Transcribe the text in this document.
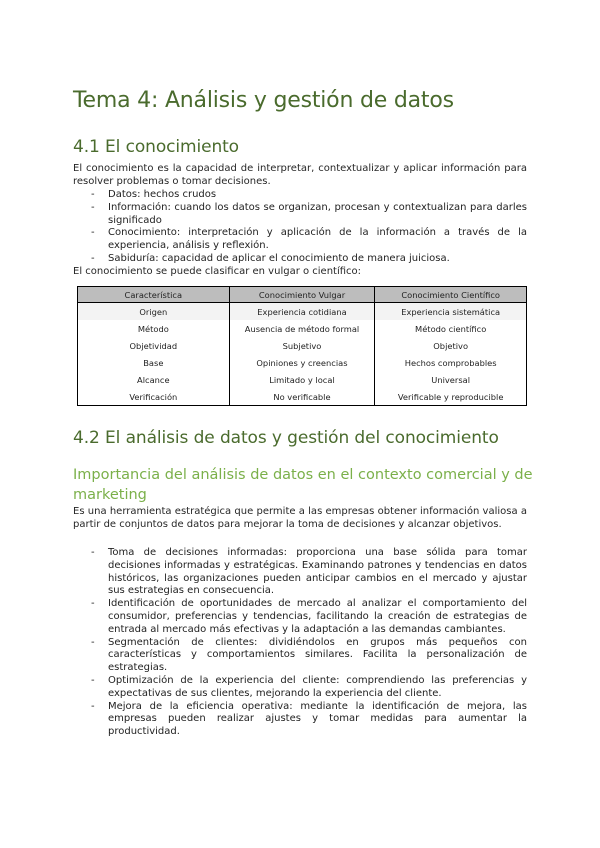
Tema 4: Análisis y gestión de datos
4.1 El conocimiento

El conocimiento es la capacidad de interpretar, contextualizar y aplicar información para resolver problemas o tomar decisiones.

- Datos: hechos crudos
- Información: cuando los datos se organizan, procesan y contextualizan para darles significado
- Conocimiento: interpretación y aplicación de la información a través de la experiencia, análisis y reflexión.
- Sabiduría: capacidad de aplicar el conocimiento de manera juiciosa.

El conocimiento se puede clasificar en vulgar o científico:

Característica	Conocimiento Vulgar	Conocimiento Científico
Origen	Experiencia cotidiana	Experiencia sistemática
Método	Ausencia de método formal	Método científico
Objetividad	Subjetivo	Objetivo
Base	Opiniones y creencias	Hechos comprobables
Alcance	Limitado y local	Universal
Verificación	No verificable	Verificable y reproducible
4.2 El análisis de datos y gestión del conocimiento
Importancia del análisis de datos en el contexto comercial y de marketing

Es una herramienta estratégica que permite a las empresas obtener información valiosa a partir de conjuntos de datos para mejorar la toma de decisiones y alcanzar objetivos.

- Toma de decisiones informadas: proporciona una base sólida para tomar decisiones informadas y estratégicas. Examinando patrones y tendencias en datos históricos, las organizaciones pueden anticipar cambios en el mercado y ajustar sus estrategias en consecuencia.
- Identificación de oportunidades de mercado al analizar el comportamiento del consumidor, preferencias y tendencias, facilitando la creación de estrategias de entrada al mercado más efectivas y la adaptación a las demandas cambiantes.
- Segmentación de clientes: dividiéndolos en grupos más pequeños con características y comportamientos similares. Facilita la personalización de estrategias.
- Optimización de la experiencia del cliente: comprendiendo las preferencias y expectativas de sus clientes, mejorando la experiencia del cliente.
- Mejora de la eficiencia operativa: mediante la identificación de mejora, las empresas pueden realizar ajustes y tomar medidas para aumentar la productividad.
